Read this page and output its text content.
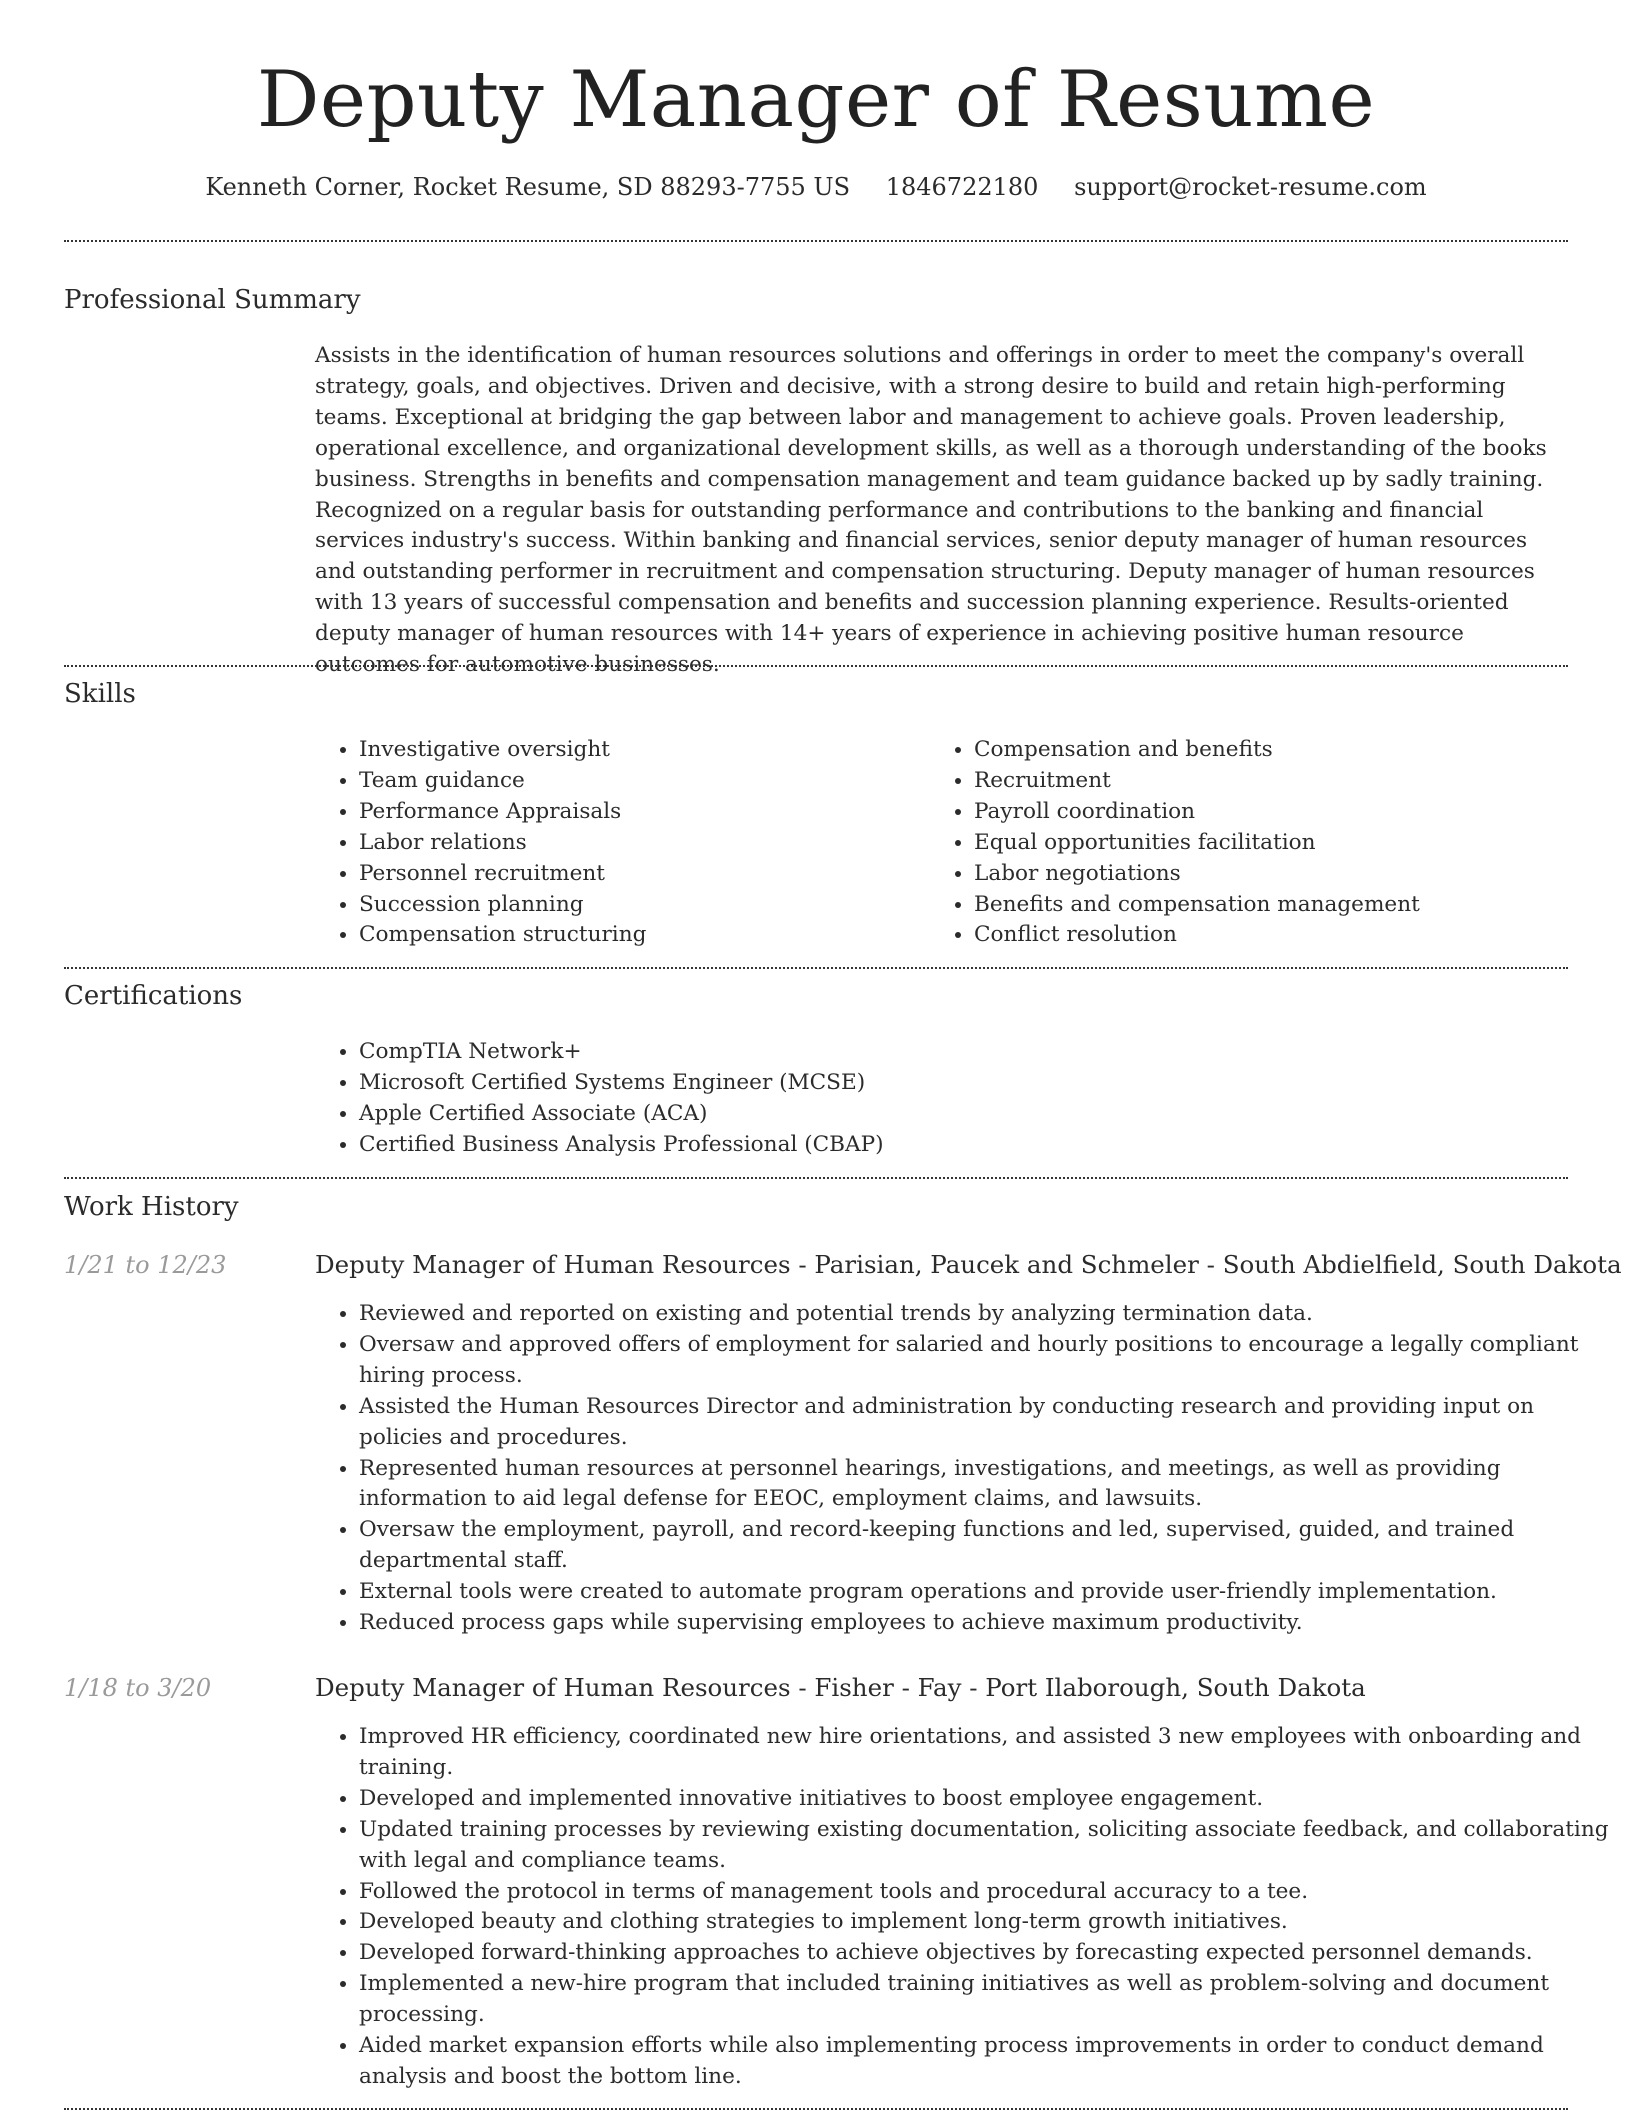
Deputy Manager of Resume
Kenneth Corner, Rocket Resume, SD 88293-7755 US 1846722180 support@rocket-resume.com
Professional Summary

Assists in the identification of human resources solutions and offerings in order to meet the company's overall strategy, goals, and objectives. Driven and decisive, with a strong desire to build and retain high-performing teams. Exceptional at bridging the gap between labor and management to achieve goals. Proven leadership, operational excellence, and organizational development skills, as well as a thorough understanding of the books business. Strengths in benefits and compensation management and team guidance backed up by sadly training. Recognized on a regular basis for outstanding performance and contributions to the banking and financial services industry's success. Within banking and financial services, senior deputy manager of human resources and outstanding performer in recruitment and compensation structuring. Deputy manager of human resources with 13 years of successful compensation and benefits and succession planning experience. Results-oriented deputy manager of human resources with 14+ years of experience in achieving positive human resource outcomes for automotive businesses.

Skills
• Investigative oversight
• Team guidance
• Performance Appraisals
• Labor relations
• Personnel recruitment
• Succession planning
• Compensation structuring
• Compensation and benefits
• Recruitment
• Payroll coordination
• Equal opportunities facilitation
• Labor negotiations
• Benefits and compensation management
• Conflict resolution
Certifications
• CompTIA Network+
• Microsoft Certified Systems Engineer (MCSE)
• Apple Certified Associate (ACA)
• Certified Business Analysis Professional (CBAP)
Work History
1/21 to 12/23	Deputy Manager of Human Resources - Parisian, Paucek and Schmeler - South Abdielfield, South Dakota
• Reviewed and reported on existing and potential trends by analyzing termination data.
• Oversaw and approved offers of employment for salaried and hourly positions to encourage a legally compliant hiring process.
• Assisted the Human Resources Director and administration by conducting research and providing input on policies and procedures.
• Represented human resources at personnel hearings, investigations, and meetings, as well as providing information to aid legal defense for EEOC, employment claims, and lawsuits.
• Oversaw the employment, payroll, and record-keeping functions and led, supervised, guided, and trained departmental staff.
• External tools were created to automate program operations and provide user-friendly implementation.
• Reduced process gaps while supervising employees to achieve maximum productivity.
1/18 to 3/20	Deputy Manager of Human Resources - Fisher - Fay - Port Ilaborough, South Dakota
• Improved HR efficiency, coordinated new hire orientations, and assisted 3 new employees with onboarding and training.
• Developed and implemented innovative initiatives to boost employee engagement.
• Updated training processes by reviewing existing documentation, soliciting associate feedback, and collaborating with legal and compliance teams.
• Followed the protocol in terms of management tools and procedural accuracy to a tee.
• Developed beauty and clothing strategies to implement long-term growth initiatives.
• Developed forward-thinking approaches to achieve objectives by forecasting expected personnel demands.
• Implemented a new-hire program that included training initiatives as well as problem-solving and document processing.
• Aided market expansion efforts while also implementing process improvements in order to conduct demand analysis and boost the bottom line.
